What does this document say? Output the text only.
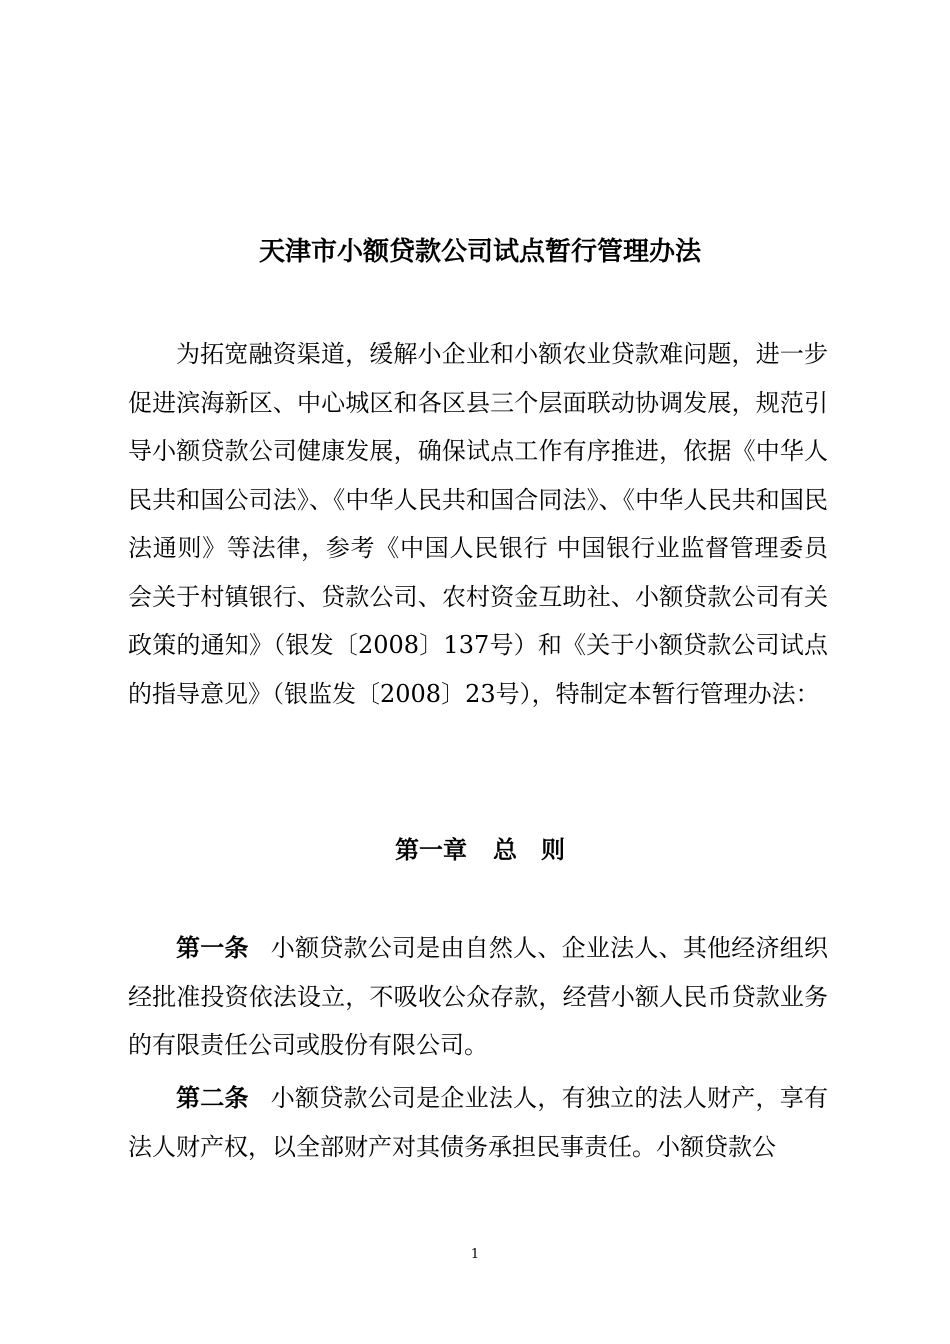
天津市小额贷款公司试点暂行管理办法

为拓宽融资渠道，缓解小企业和小额农业贷款难问题，进一步促进滨海新区、中心城区和各区县三个层面联动协调发展，规范引导小额贷款公司健康发展，确保试点工作有序推进，依据《中华人民共和国公司法》、《中华人民共和国合同法》、《中华人民共和国民法通则》等法律，参考《中国人民银行 中国银行业监督管理委员会关于村镇银行、贷款公司、农村资金互助社、小额贷款公司有关政策的通知》（银发〔2008〕137号）和《关于小额贷款公司试点的指导意见》（银监发〔2008〕23号），特制定本暂行管理办法：

第一章 总　则

第一条 小额贷款公司是由自然人、企业法人、其他经济组织经批准投资依法设立，不吸收公众存款，经营小额人民币贷款业务的有限责任公司或股份有限公司。

第二条 小额贷款公司是企业法人，有独立的法人财产，享有法人财产权，以全部财产对其债务承担民事责任。小额贷款公

1
